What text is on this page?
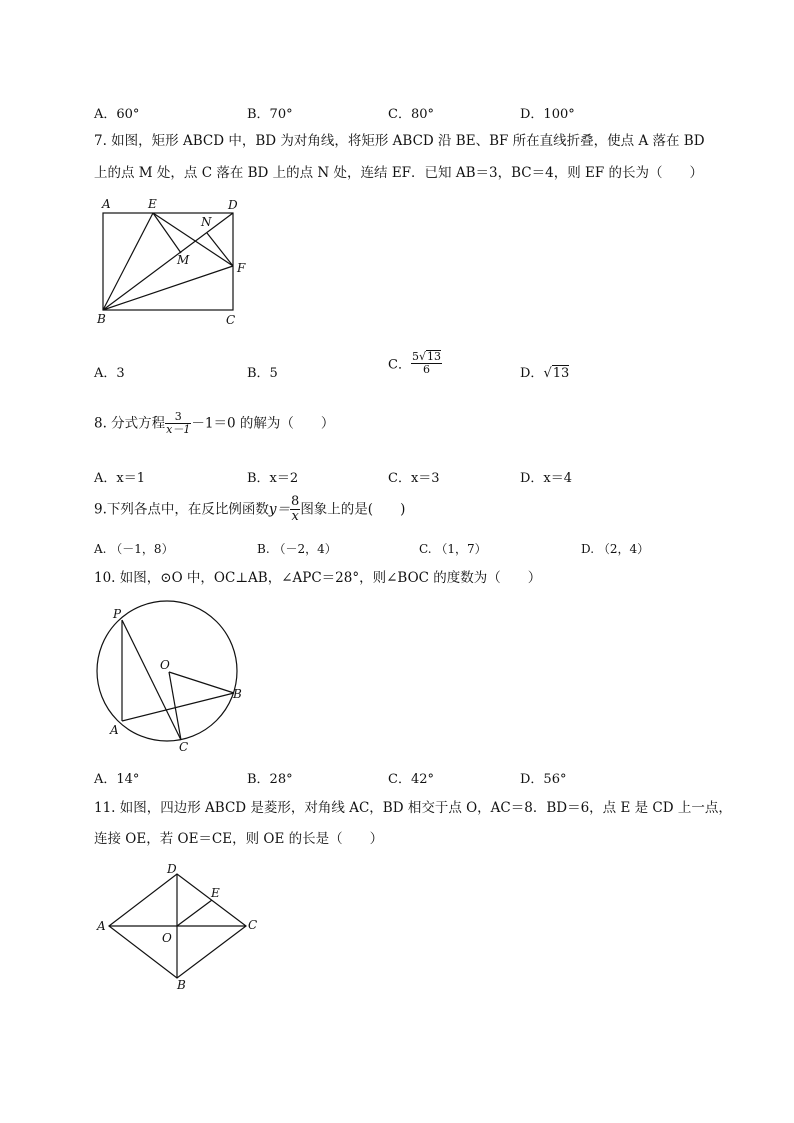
A．60°	B．70°	C．80°	D．100°
7. 如图，矩形 ABCD 中，BD 为对角线，将矩形 ABCD 沿 BE、BF 所在直线折叠，使点 A 落在 BD
上的点 M 处，点 C 落在 BD 上的点 N 处，连结 EF．已知 AB＝3，BC＝4，则 EF 的长为（　　）
A	E	D
N
M
F
B	C
A．3	B．5
C． $\frac{5√13}{6}$	D．√13
8. 分式方程 $\frac{3}{x-1} -1=0$ 的解为（　　）
A．x＝1	B．x＝2	C．x＝3	D．x＝4
9.下列各点中，在反比例函数$y= \frac{8}{x}$ 图象上的是(　　)
A. （－1，8）	B. （－2，4）	C. （1，7）	D. （2，4）
10. 如图，⊙O 中，OC⊥AB，∠APC＝28°，则∠BOC 的度数为（　　）
P
O
B
A
C
A．14°	B．28°	C．42°	D．56°
11. 如图，四边形 ABCD 是菱形，对角线 AC，BD 相交于点 O，AC＝8．BD＝6，点 E 是 CD 上一点，
连接 OE，若 OE＝CE，则 OE 的长是（　　）
D
E
A
O
C
B
